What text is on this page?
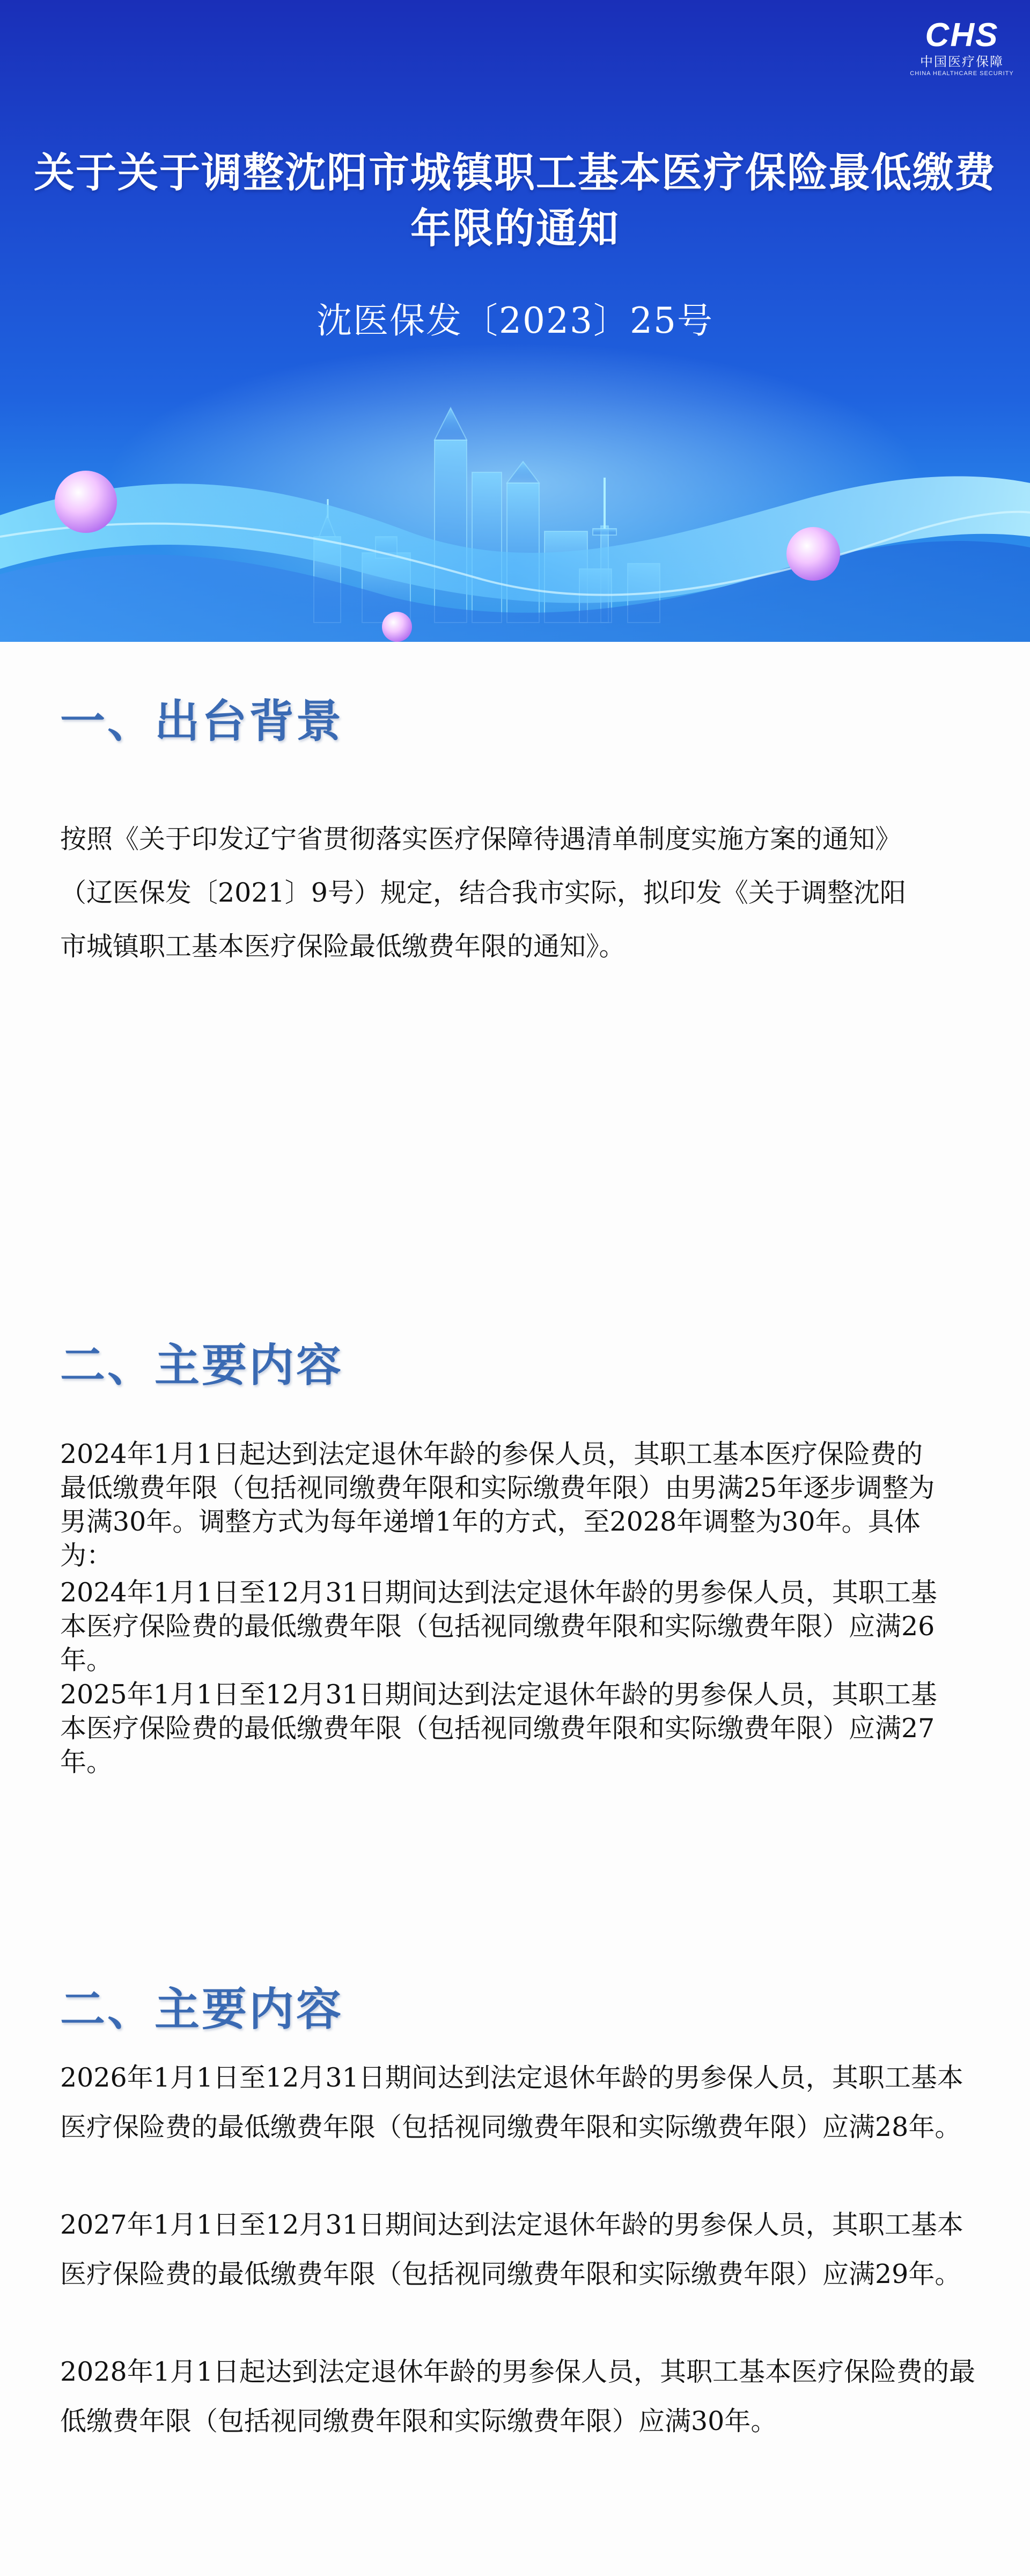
CHS
中国医疗保障
CHINA HEALTHCARE SECURITY
关于关于调整沈阳市城镇职工基本医疗保险最低缴费年限的通知
沈医保发〔2023〕25号
一、出台背景

按照《关于印发辽宁省贯彻落实医疗保障待遇清单制度实施方案的通知》（辽医保发〔2021〕9号）规定，结合我市实际，拟印发《关于调整沈阳市城镇职工基本医疗保险最低缴费年限的通知》。

二、主要内容

2024年1月1日起达到法定退休年龄的参保人员，其职工基本医疗保险费的最低缴费年限（包括视同缴费年限和实际缴费年限）由男满25年逐步调整为男满30年。调整方式为每年递增1年的方式，至2028年调整为30年。具体为：

2024年1月1日至12月31日期间达到法定退休年龄的男参保人员，其职工基本医疗保险费的最低缴费年限（包括视同缴费年限和实际缴费年限）应满26年。

2025年1月1日至12月31日期间达到法定退休年龄的男参保人员，其职工基本医疗保险费的最低缴费年限（包括视同缴费年限和实际缴费年限）应满27年。

二、主要内容

2026年1月1日至12月31日期间达到法定退休年龄的男参保人员，其职工基本医疗保险费的最低缴费年限（包括视同缴费年限和实际缴费年限）应满28年。

2027年1月1日至12月31日期间达到法定退休年龄的男参保人员，其职工基本医疗保险费的最低缴费年限（包括视同缴费年限和实际缴费年限）应满29年。

2028年1月1日起达到法定退休年龄的男参保人员，其职工基本医疗保险费的最低缴费年限（包括视同缴费年限和实际缴费年限）应满30年。
